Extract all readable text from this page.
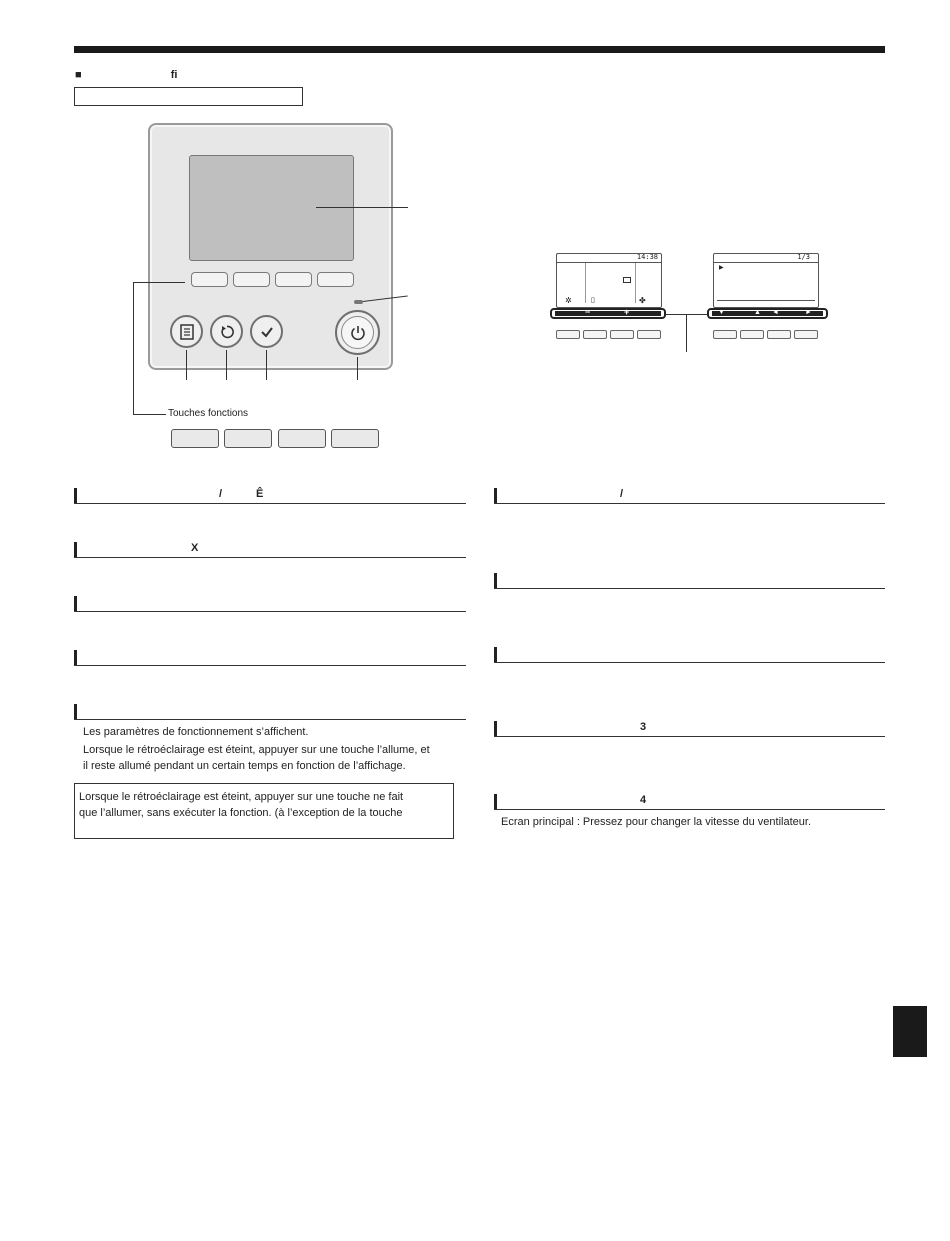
■	fi
Touches fonctions
14:38
✲	▯	✤
−	+
1/3
▶
▼	▲ ◄	►
/	Ê
X
Les paramètres de fonctionnement s’affichent.
Lorsque le rétroéclairage est éteint, appuyer sur une touche l’allume, et
il reste allumé pendant un certain temps en fonction de l’affichage.
Lorsque le rétroéclairage est éteint, appuyer sur une touche ne fait
que l’allumer, sans exécuter la fonction. (à l’exception de la touche
/
3
4
Ecran principal : Pressez pour changer la vitesse du ventilateur.
